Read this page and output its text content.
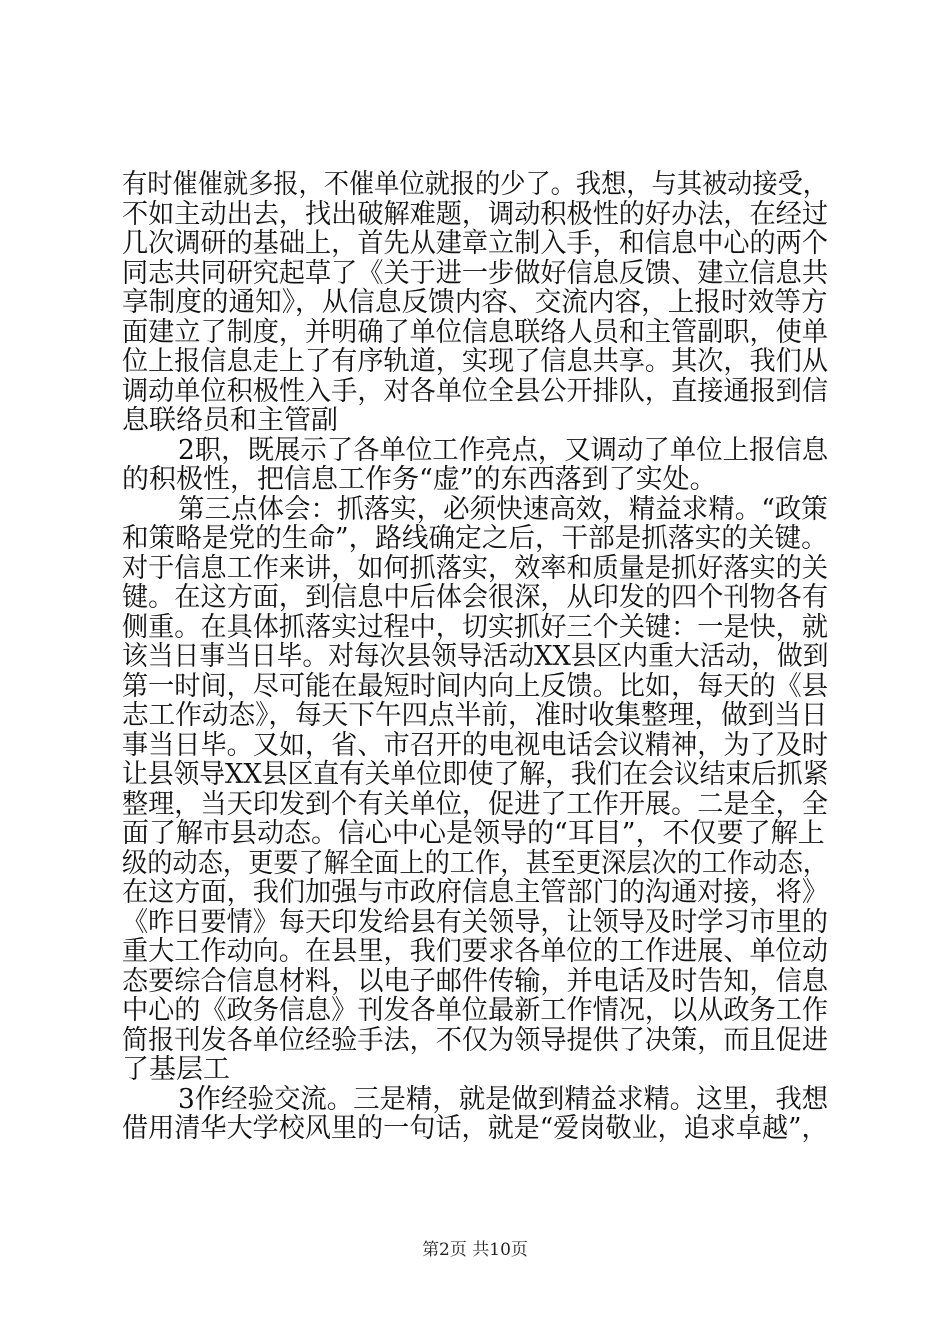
有时催催就多报，不催单位就报的少了。我想，与其被动接受，
不如主动出去，找出破解难题，调动积极性的好办法，在经过
几次调研的基础上，首先从建章立制入手，和信息中心的两个
同志共同研究起草了《关于进一步做好信息反馈、建立信息共
享制度的通知》，从信息反馈内容、交流内容，上报时效等方
面建立了制度，并明确了单位信息联络人员和主管副职，使单
位上报信息走上了有序轨道，实现了信息共享。其次，我们从
调动单位积极性入手，对各单位全县公开排队，直接通报到信
息联络员和主管副
2职，既展示了各单位工作亮点，又调动了单位上报信息
的积极性，把信息工作务“虚”的东西落到了实处。
第三点体会：抓落实，必须快速高效，精益求精。“政策
和策略是党的生命”，路线确定之后，干部是抓落实的关键。
对于信息工作来讲，如何抓落实，效率和质量是抓好落实的关
键。在这方面，到信息中后体会很深，从印发的四个刊物各有
侧重。在具体抓落实过程中，切实抓好三个关键：一是快，就
该当日事当日毕。对每次县领导活动XX县区内重大活动，做到
第一时间，尽可能在最短时间内向上反馈。比如，每天的《县
志工作动态》，每天下午四点半前，准时收集整理，做到当日
事当日毕。又如，省、市召开的电视电话会议精神，为了及时
让县领导XX县区直有关单位即使了解，我们在会议结束后抓紧
整理，当天印发到个有关单位，促进了工作开展。二是全，全
面了解市县动态。信心中心是领导的“耳目”，不仅要了解上
级的动态，更要了解全面上的工作，甚至更深层次的工作动态，
在这方面，我们加强与市政府信息主管部门的沟通对接，将》
《昨日要情》每天印发给县有关领导，让领导及时学习市里的
重大工作动向。在县里，我们要求各单位的工作进展、单位动
态要综合信息材料，以电子邮件传输，并电话及时告知，信息
中心的《政务信息》刊发各单位最新工作情况，以从政务工作
简报刊发各单位经验手法，不仅为领导提供了决策，而且促进
了基层工
3作经验交流。三是精，就是做到精益求精。这里，我想
借用清华大学校风里的一句话，就是“爱岗敬业，追求卓越”，
第2页 共10页
